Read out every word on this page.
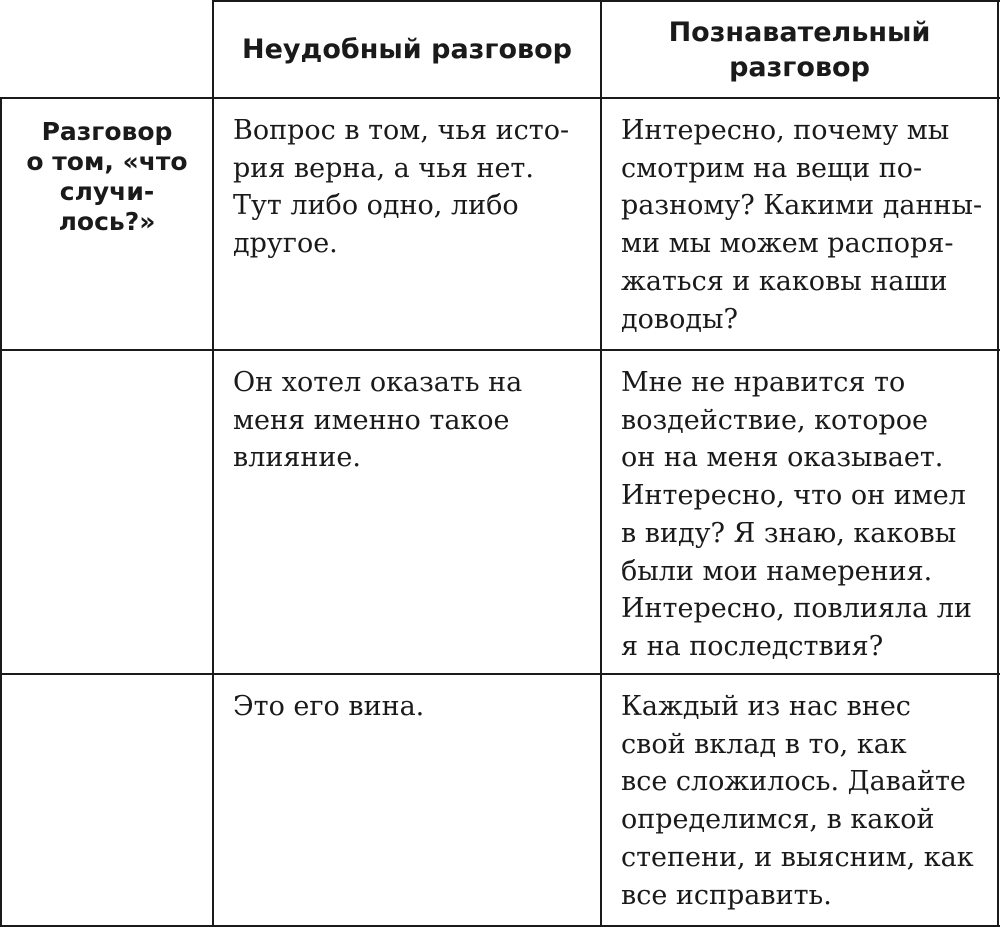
Неудобный разговор
Познавательный
разговор
Разговор
о том, «что
случи-
лось?»
Вопрос в том, чья исто-
рия верна, а чья нет.
Тут либо одно, либо
другое.
Интересно, почему мы
смотрим на вещи по-
разному? Какими данны-
ми мы можем распоря-
жаться и каковы наши
доводы?
Он хотел оказать на
меня именно такое
влияние.
Мне не нравится то
воздействие, которое
он на меня оказывает.
Интересно, что он имел
в виду? Я знаю, каковы
были мои намерения.
Интересно, повлияла ли
я на последствия?
Это его вина.	Каждый из нас внес
свой вклад в то, как
все сложилось. Давайте
определимся, в какой
степени, и выясним, как
все исправить.
